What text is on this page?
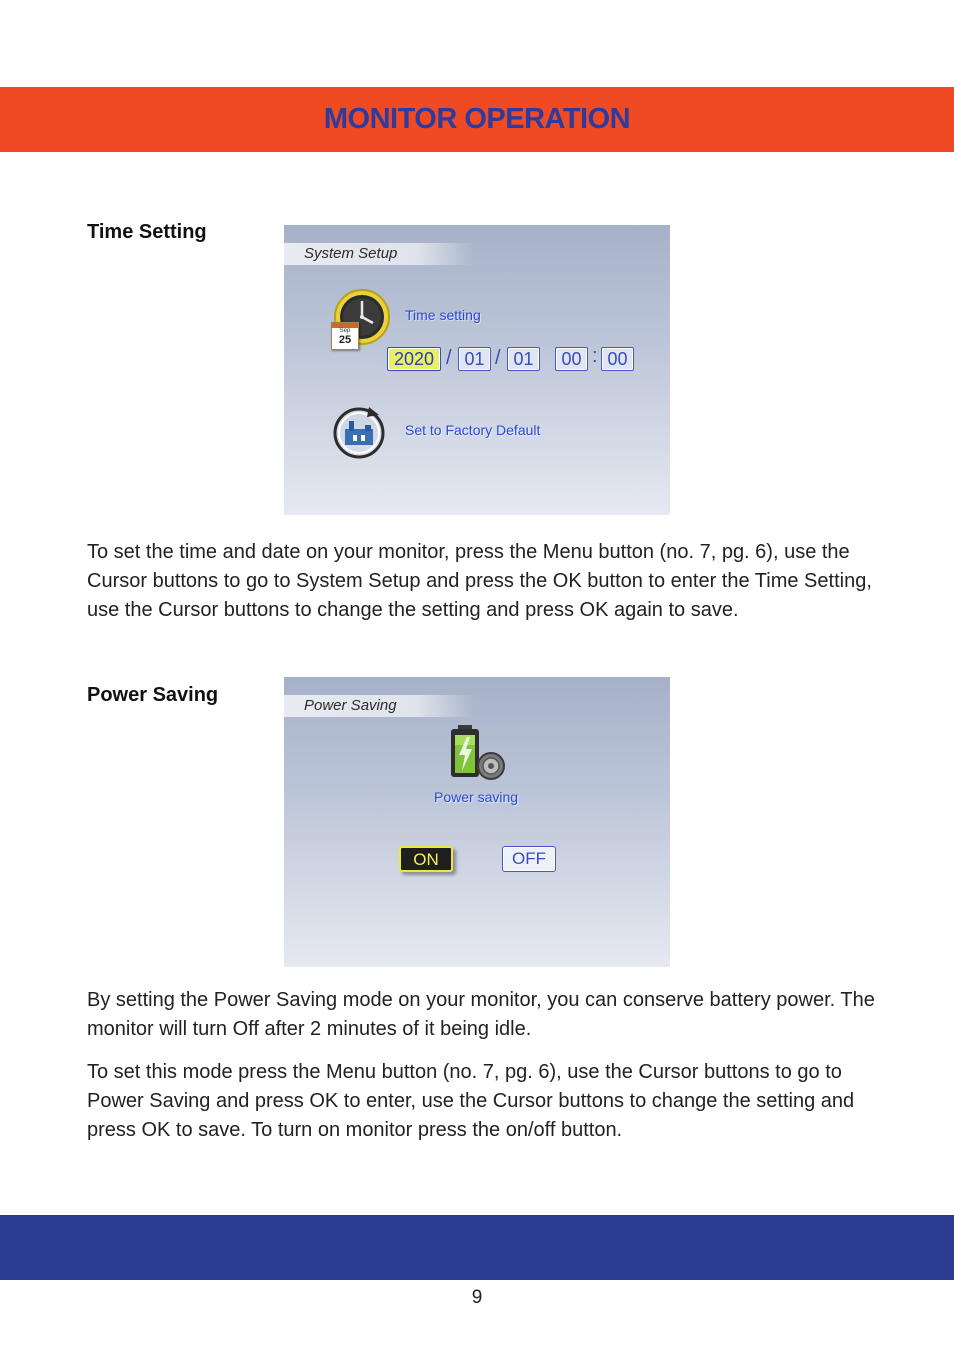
MONITOR OPERATION
Time Setting
System Setup
Sep
25
Time setting
2020 / 01 / 01	00 : 00
Set to Factory Default

To set the time and date on your monitor, press the Menu button (no. 7, pg. 6), use the Cursor buttons to go to System Setup and press the OK button to enter the Time Setting, use the Cursor buttons to change the setting and press OK again to save.

Power Saving	Power Saving
Power saving
ON	OFF

By setting the Power Saving mode on your monitor, you can conserve battery power. The monitor will turn Off after 2 minutes of it being idle.

To set this mode press the Menu button (no. 7, pg. 6), use the Cursor buttons to go to Power Saving and press OK to enter, use the Cursor buttons to change the setting and press OK to save. To turn on monitor press the on/off button.

9
